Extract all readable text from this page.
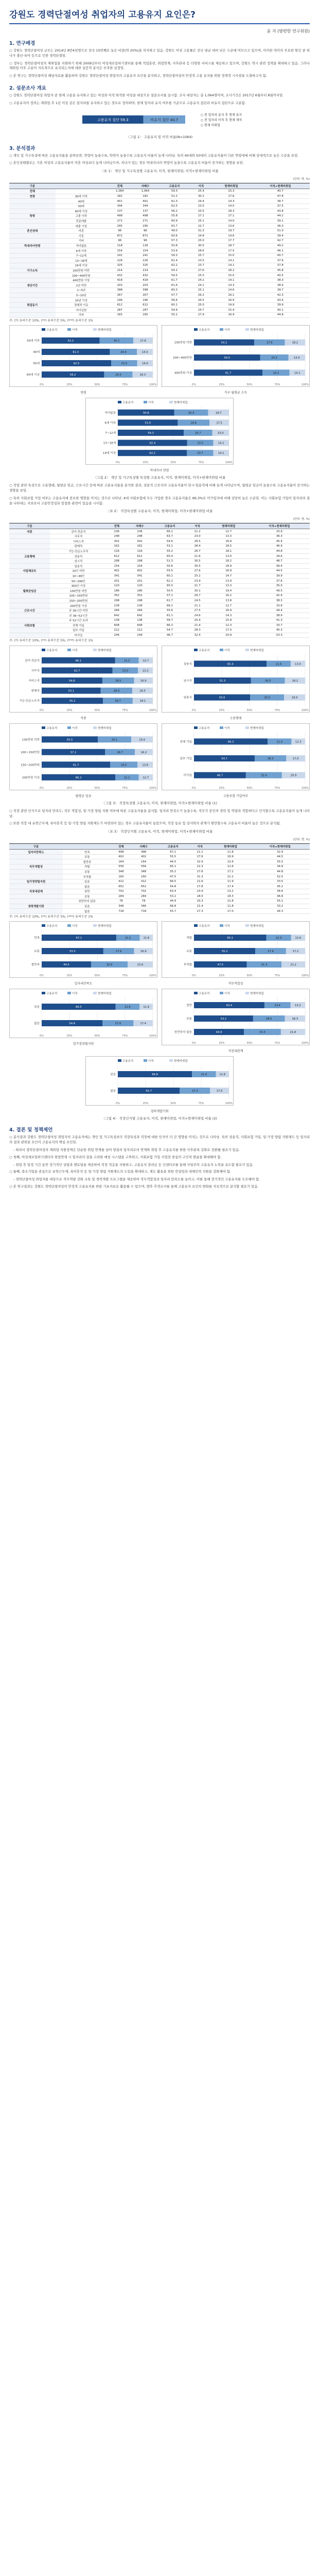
강원도 경력단절여성 취업자의 고용유지 요인은?
윤 지 (방편한 연구위원)
1. 연구배경

○ 강원도 경력단절여성 규모는 2014년 8만4천명으로 전국 15번째로 높은 비중(약 20%)을 차지하고 있음. 강원도 여성 고용률은 전국 평균 대비 낮은 수준에 머무르고 있으며, 이러한 차이의 주요한 원인 중 하나가 출산·육아 등으로 인한 경력단절임.

○ 정부는 경력단절여성의 재취업을 지원하기 위해 2009년부터 여성새로일하기센터를 통해 직업훈련, 취업연계, 사후관리 등 다양한 서비스를 제공하고 있으며, 강원도 역시 관련 정책을 확대하고 있음. 그러나 재취업 이후 고용이 지속적으로 유지되는지에 대한 실증적 분석은 부족한 실정임.

○ 본 연구는 경력단절여성 패널자료를 활용하여 강원도 경력단절여성 취업자의 고용유지 요인을 분석하고, 경력단절여성의 안정적 고용 유지를 위한 정책적 시사점을 도출하고자 함.

2. 설문조사 개요

○ 강원도 경력단절여성 취업자 중 현재 고용을 유지하고 있는 여성과 이직·퇴직한 여성을 대상으로 설문조사를 실시함. 조사 대상자는 총 1,064명이며, 조사기간은 2017년 6월부터 8월까지임.

○ 고용유지의 정의는 재취업 후 1년 이상 같은 일자리를 유지하고 있는 경우로 정의하며, 현재 일자리 유지 여부를 기준으로 고용유지 집단과 비유지 집단으로 구분함.

고용유지 집단 59.3	비유지 집단 40.7
○ 전 일자리 유지 후 현재 유지
○ 전 일자리 이직 후 현재 재직
○ 현재 미취업
〈그림 1〉 고용유지 및 이직 비율(N=1064)
3. 분석결과

○ 개인 및 가구특성에 따른 고용유지율을 살펴보면, 연령이 높을수록, 학력이 높을수록 고용유지 비율이 높게 나타남. 특히 40대와 50대의 고용유지율이 다른 연령대에 비해 상대적으로 높은 수준을 보임.

○ 혼인상태별로는 기혼 여성의 고용유지율이 미혼 여성보다 높게 나타났으며, 자녀가 있는 경우 막내자녀의 연령이 높을수록 고용유지 비율이 증가하는 경향을 보임.

〈표 1〉 개인 및 가구특성별 고용유지, 이직, 현재미취업, 이직+현재미취업 비율
(단위: 명, %)
구분		전체	사례수	고용유지	이직	현재미취업	이직+현재미취업
전체		1,064	1,064	59.3	25.4	15.3	40.7
연령	30대 이하	182	182	52.2	30.2	17.6	47.8
	40대	401	401	61.3	24.4	14.3	38.7
	50대	344	344	62.5	23.5	14.0	37.5
	60대 이상	137	137	56.2	25.5	18.3	43.8
학력	고졸 이하	498	498	55.8	27.1	17.1	44.2
	전문대졸	271	271	60.9	25.1	14.0	39.1
	대졸 이상	295	295	63.7	22.7	13.6	36.3
혼인상태	미혼	96	96	49.0	31.3	19.7	51.0
	기혼	872	872	60.6	24.8	14.6	39.4
	기타	96	96	57.3	25.0	17.7	42.7
막내자녀연령	자녀없음	118	118	50.8	30.5	18.7	49.2
	6세 이하	154	154	53.9	28.6	17.5	46.1
	7~12세	241	241	59.3	25.7	15.0	40.7
	13~18세	226	226	62.4	23.5	14.1	37.6
	19세 이상	325	325	62.2	23.7	14.1	37.8
가구소득	200만원 미만	214	214	54.2	27.6	18.2	45.8
	200~400만원	432	432	59.5	25.5	15.0	40.5
	400만원 이상	418	418	61.7	24.2	14.1	38.3
경단기간	1년 미만	203	203	61.6	24.1	14.3	38.4
	1~5년	398	398	60.3	25.1	14.6	39.7
	5~10년	267	267	57.7	26.2	16.1	42.3
	10년 이상	196	196	56.6	26.5	16.9	43.4
취업동기	경제적 이유	612	612	60.1	25.0	14.9	39.9
	자아실현	287	287	59.9	24.7	15.4	40.1
	기타	165	165	55.2	27.9	16.9	44.8
주: (*) 유의수준 10%, (**) 유의수준 5%, (***) 유의수준 1%
고용유지	이직	현재미취업
0%	25%	50%	75%	100%
30대 이하	52.2	30.2	17.6
40대	61.3	24.4	14.3
50대	62.5	23.5	14.0
60대 이상	56.2	25.5	18.3
연령
고용유지	이직	현재미취업
0%	25%	50%	75%	100%
200만원 미만	54.2	27.6	18.2
200~400만원	59.5	25.5	15.0
400만원 이상	61.7	24.2	14.1
가구 월평균 소득
고용유지	이직	현재미취업
0%	25%	50%	75%	100%
자녀없음	50.8	30.5	18.7
6세 이하	53.9	28.6	17.5
7~12세	59.3	25.7	15.0
13~18세	62.4	23.5	14.1
19세 이상	62.2	23.7	14.1
막내자녀 연령
〈그림 2〉 개인 및 가구특성별 특성별 고용유지, 이직, 현재미취업, 이직+현재미취업 비율

○ 직업 관련 특성으로 고용형태, 월평균 임금, 근로시간 등에 따른 고용유지율을 분석한 결과, 상용직 근로자의 고용유지율이 임시·일용직에 비해 높게 나타났으며, 월평균 임금이 높을수록 고용유지율이 증가하는 경향을 보임.

○ 특히 사회보험 가입 여부는 고용유지에 중요한 영향을 미치는 것으로 나타남. 4대 사회보험에 모두 가입한 경우 고용유지율은 66.3%로 미가입자에 비해 상당히 높은 수준임. 이는 사회보험 가입이 일자리의 질을 나타내는 지표로서 고용안정성과 밀접한 관련이 있음을 시사함.

〈표 2〉 직장특성별 고용유지, 이직, 현재미취업, 이직+현재미취업 비율
(단위: 명, %)
구분		전체	사례수	고용유지	이직	현재미취업	이직+현재미취업
직종	관리·전문직	236	236	66.1	21.2	12.7	33.9
	사무직	248	248	63.7	23.0	13.3	36.3
	서비스직	302	302	54.6	28.5	16.9	45.4
	판매직	162	162	53.1	28.4	18.5	46.9
	기능·단순노무직	116	116	55.2	26.7	18.1	44.8
고용형태	상용직	612	612	65.4	21.6	13.0	34.6
	임시직	298	298	51.3	30.5	18.2	48.7
	일용직	154	154	50.6	30.5	18.9	49.4
사업체규모	10인 미만	402	402	55.5	27.6	16.9	44.5
	10~49인	341	341	60.1	25.2	14.7	39.9
	50~299인	201	201	62.2	23.9	13.9	37.8
	300인 이상	120	120	65.0	21.7	13.3	35.0
월평균임금	100만원 미만	186	186	50.5	30.1	19.4	49.5
	100~150만원	352	352	57.1	26.7	16.2	42.9
	150~200만원	298	298	61.7	24.5	13.8	38.3
	200만원 이상	228	228	66.2	21.1	12.7	33.8
근로시간	주 36시간 미만	284	284	55.6	27.5	16.9	44.4
	주 36~52시간	642	642	61.1	24.6	14.3	38.9
	주 52시간 초과	138	138	58.7	25.4	15.9	41.3
사회보험	전체 가입	608	608	66.3	21.4	12.3	33.7
	일부 가입	212	212	54.7	28.3	17.0	45.3
	미가입	244	244	46.7	32.4	20.9	53.3
주: (*) 유의수준 10%, (**) 유의수준 5%, (***) 유의수준 1%
고용유지	이직	현재미취업
0%	25%	50%	75%	100%
관리·전문직	66.1	21.2	12.7
사무직	63.7	23.0	13.3
서비스직	54.6	28.5	16.9
판매직	53.1	28.4	18.5
기능·단순노무직	55.2	26.7	18.1
직종
고용유지	이직	현재미취업
0%	25%	50%	75%	100%
상용직	65.4	21.6	13.0
임시직	51.3	30.5	18.2
일용직	50.6	30.5	18.9
고용형태
고용유지	이직	현재미취업
0%	25%	50%	75%	100%
100만원 미만	50.5	30.1	19.4
100~150만원	57.1	26.7	16.2
150~200만원	61.7	24.5	13.8
200만원 이상	66.2	21.1	12.7
월평균 임금
고용유지	이직	현재미취업
0%	25%	50%	75%	100%
전체 가입	66.3	21.4	12.3
일부 가입	54.7	28.3	17.0
미가입	46.7	32.4	20.9
고용보험 가입여부
〈그림 3〉 직장특성별 고용유지, 이직, 현재미취업, 이직+현재미취업 비율 (1)

○ 직장 관련 인식으로 일자리 만족도, 직무 적합성, 일·가정 양립 지원 여부에 따른 고용유지율을 분석함. 일자리 만족도가 높을수록, 직무가 본인의 경력 및 역량과 적합하다고 인식할수록 고용유지율이 높게 나타남.

○ 또한 직장 내 유연근무제, 육아휴직 등 일·가정 양립 지원제도가 마련되어 있는 경우 고용유지율이 높았으며, 직장 동료 및 상사와의 관계가 원만할수록 고용유지 비율이 높은 것으로 분석됨.

〈표 3〉 직장인식별 고용유지, 이직, 현재미취업, 이직+현재미취업 비율
(단위: 명, %)
구분		전체	사례수	고용유지	이직	현재미취업	이직+현재미취업
일자리만족도	만족	498	498	67.1	21.1	11.8	32.9
	보통	402	402	55.5	27.6	16.9	44.5
	불만족	164	164	44.5	32.9	22.6	55.5
직무적합성	적합	556	556	65.1	22.3	12.6	34.9
	보통	348	348	55.2	27.6	17.2	44.8
	부적합	160	160	47.5	31.3	21.2	52.5
일가정양립지원	있음	412	412	66.5	21.6	11.9	33.5
	없음	652	652	54.8	27.8	17.4	45.2
직장내관계	원만	702	702	63.4	23.4	13.2	36.6
	보통	284	284	53.2	28.5	18.3	46.8
	원만하지 않음	78	78	44.9	33.3	21.8	55.1
경력개발기회	있음	346	346	66.8	21.4	11.8	33.2
	없음	718	718	55.7	27.3	17.0	44.3
주: (*) 유의수준 10%, (**) 유의수준 5%, (***) 유의수준 1%
고용유지	이직	현재미취업
0%	25%	50%	75%	100%
만족	67.1	21.1	11.8
보통	55.5	27.6	16.9
불만족	44.5	32.9	22.6
일자리만족도
고용유지	이직	현재미취업
0%	25%	50%	75%	100%
적합	65.1	22.3	12.6
보통	55.2	27.6	17.2
부적합	47.5	31.3	21.2
직무적합성
고용유지	이직	현재미취업
0%	25%	50%	75%	100%
있음	66.5	21.6	11.9
없음	54.8	27.8	17.4
일가정양립지원
고용유지	이직	현재미취업
0%	25%	50%	75%	100%
원만	63.4	23.4	13.2
보통	53.2	28.5	18.3
원만하지 않음	44.9	33.3	21.8
직장내관계
고용유지	이직	현재미취업
0%	25%	50%	75%	100%
있음	66.8	21.4	11.8
없음	55.7	27.3	17.0
경력개발기회
〈그림 4〉 직장인식별 고용유지, 이직, 현재미취업, 이직+현재미취업 비율 (2)
4. 결론 및 정책제언

○ 분석결과 강원도 경력단절여성 취업자의 고용유지에는 개인 및 가구특성보다 직장특성과 직장에 대한 인식이 더 큰 영향을 미치는 것으로 나타남. 특히 상용직, 사회보험 가입, 일·가정 양립 지원제도 등 일자리의 질과 관련된 요인이 고용유지의 핵심 요인임.

- 따라서 경력단절여성의 재취업 지원정책은 단순한 취업 연계를 넘어 양질의 일자리로의 연계와 취업 후 고용유지를 위한 사후관리 강화로 전환될 필요가 있음.

○ 첫째, 여성새로일하기센터의 취업연계 시 일자리의 질을 고려한 매칭 시스템을 구축하고, 사회보험 가입 사업장 중심의 구인처 발굴을 확대해야 함.

- 취업 후 일정 기간 동안 정기적인 상담과 멘토링을 제공하여 직장 적응을 지원하고, 고용유지 장려금 등 인센티브를 통해 사업주의 고용유지 노력을 유도할 필요가 있음.

○ 둘째, 중소기업을 중심으로 유연근무제, 육아휴직 등 일·가정 양립 지원제도의 도입을 확대하고, 제도 활용을 위한 컨설팅과 대체인력 지원을 강화해야 함.

- 경력단절여성 취업자를 대상으로 직무역량 강화 교육 및 경력개발 프로그램을 제공하여 직무적합성과 일자리 만족도를 높이고, 이를 통해 장기적인 고용유지를 도모해야 함.

○ 본 연구결과는 강원도 경력단절여성의 안정적 고용유지를 위한 기초자료로 활용될 수 있으며, 향후 추적조사를 통해 고용유지 요인의 변화를 지속적으로 분석할 필요가 있음.
